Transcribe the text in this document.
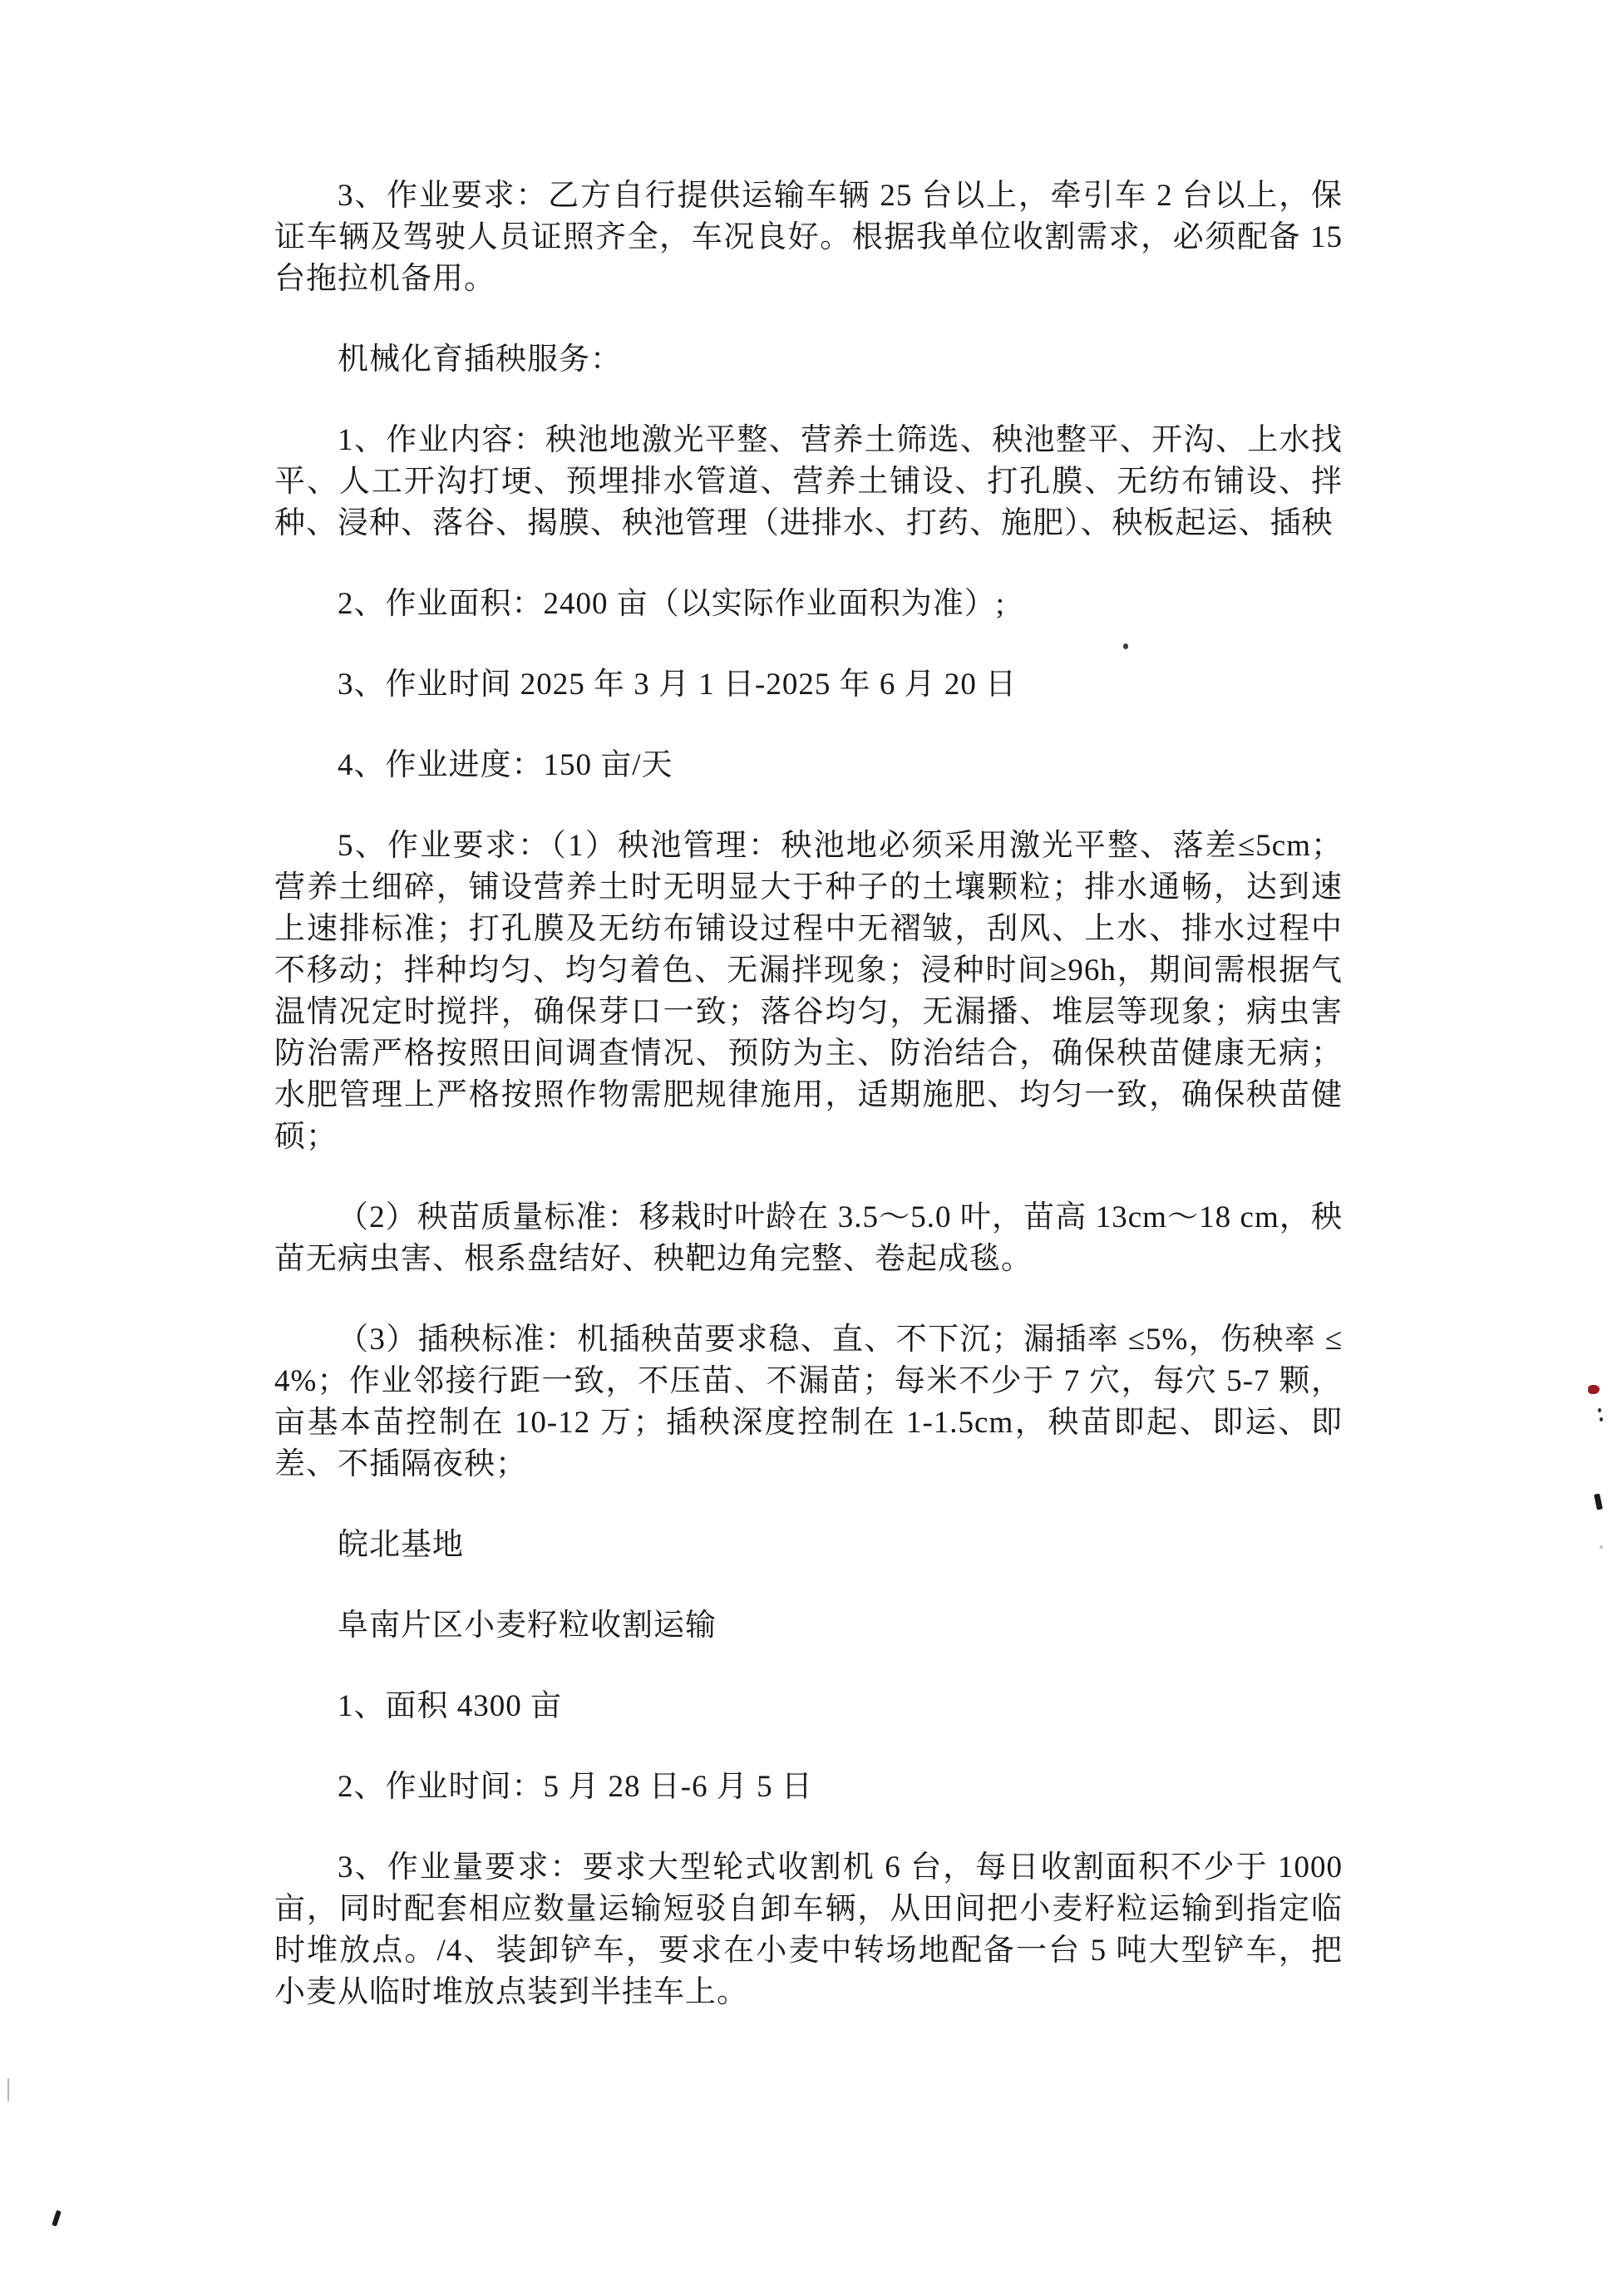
3、作业要求：乙方自行提供运输车辆 25 台以上，牵引车 2 台以上，保证车辆及驾驶人员证照齐全，车况良好。根据我单位收割需求，必须配备 15 台拖拉机备用。

机械化育插秧服务：

1、作业内容：秧池地激光平整、营养土筛选、秧池整平、开沟、上水找平、人工开沟打埂、预埋排水管道、营养土铺设、打孔膜、无纺布铺设、拌种、浸种、落谷、揭膜、秧池管理（进排水、打药、施肥）、秧板起运、插秧

2、作业面积：2400 亩（以实际作业面积为准）;

3、作业时间 2025 年 3 月 1 日-2025 年 6 月 20 日

4、作业进度：150 亩/天

5、作业要求：（1）秧池管理：秧池地必须采用激光平整、落差≤5cm；营养土细碎，铺设营养土时无明显大于种子的土壤颗粒；排水通畅，达到速上速排标准；打孔膜及无纺布铺设过程中无褶皱，刮风、上水、排水过程中不移动；拌种均匀、均匀着色、无漏拌现象；浸种时间≥96h，期间需根据气温情况定时搅拌，确保芽口一致；落谷均匀，无漏播、堆层等现象；病虫害防治需严格按照田间调查情况、预防为主、防治结合，确保秧苗健康无病；水肥管理上严格按照作物需肥规律施用，适期施肥、均匀一致，确保秧苗健硕；

（2）秧苗质量标准：移栽时叶龄在 3.5～5.0 叶，苗高 13cm～18 cm，秧苗无病虫害、根系盘结好、秧靶边角完整、卷起成毯。

（3）插秧标准：机插秧苗要求稳、直、不下沉；漏插率 ≤5%，伤秧率 ≤4%；作业邻接行距一致，不压苗、不漏苗；每米不少于 7 穴，每穴 5-7 颗，亩基本苗控制在 10-12 万；插秧深度控制在 1-1.5cm，秧苗即起、即运、即差、不插隔夜秧；

皖北基地

阜南片区小麦籽粒收割运输

1、面积 4300 亩

2、作业时间：5 月 28 日-6 月 5 日

3、作业量要求：要求大型轮式收割机 6 台，每日收割面积不少于 1000 亩，同时配套相应数量运输短驳自卸车辆，从田间把小麦籽粒运输到指定临时堆放点。/4、装卸铲车，要求在小麦中转场地配备一台 5 吨大型铲车，把小麦从临时堆放点装到半挂车上。
